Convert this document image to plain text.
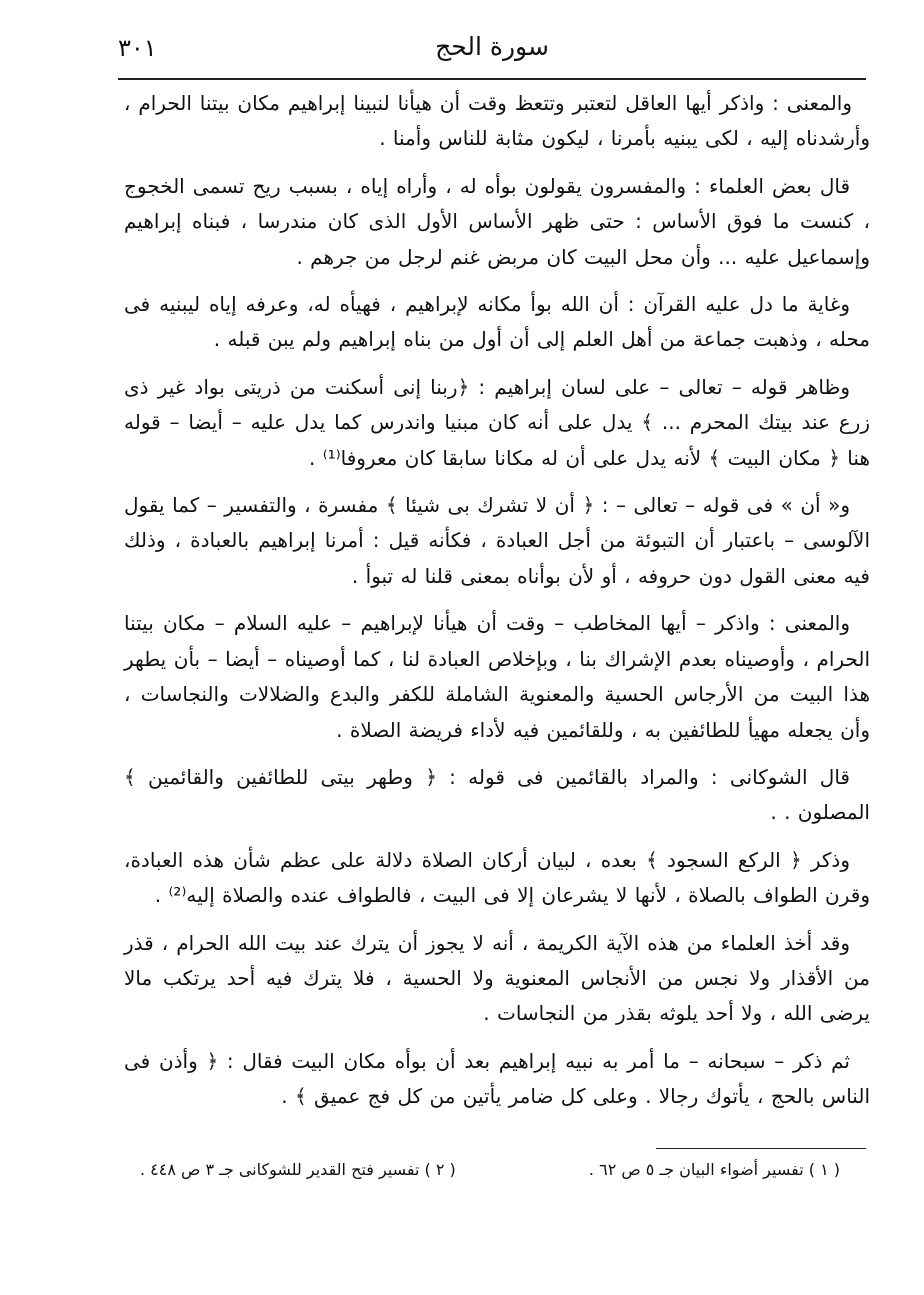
٣٠١	سورة الحج

والمعنى : واذكر أيها العاقل لتعتبر وتتعظ وقت أن هيأنا لنبينا إبراهيم مكان بيتنا الحرام ، وأرشدناه إليه ، لكى يبنيه بأمرنا ، ليكون مثابة للناس وأمنا .

قال بعض العلماء : والمفسرون يقولون بوأه له ، وأراه إياه ، بسبب ريح تسمى الخجوج ، كنست ما فوق الأساس : حتى ظهر الأساس الأول الذى كان مندرسا ، فبناه إبراهيم وإسماعيل عليه ... وأن محل البيت كان مربض غنم لرجل من جرهم .

وغاية ما دل عليه القرآن : أن الله بوأ مكانه لإبراهيم ، فهيأه له، وعرفه إياه ليبنيه فى محله ، وذهبت جماعة من أهل العلم إلى أن أول من بناه إبراهيم ولم يبن قبله .

وظاهر قوله – تعالى – على لسان إبراهيم : ﴿ربنا إنى أسكنت من ذريتى بواد غير ذى زرع عند بيتك المحرم ... ﴾ يدل على أنه كان مبنيا واندرس كما يدل عليه – أيضا – قوله هنا ﴿ مكان البيت ﴾ لأنه يدل على أن له مكانا سابقا كان معروفا⁽¹⁾ .

و« أن » فى قوله – تعالى – : ﴿ أن لا تشرك بى شيئا ﴾ مفسرة ، والتفسير – كما يقول الآلوسى – باعتبار أن التبوئة من أجل العبادة ، فكأنه قيل : أمرنا إبراهيم بالعبادة ، وذلك فيه معنى القول دون حروفه ، أو لأن بوأناه بمعنى قلنا له تبوأ .

والمعنى : واذكر – أيها المخاطب – وقت أن هيأنا لإبراهيم – عليه السلام – مكان بيتنا الحرام ، وأوصيناه بعدم الإشراك بنا ، وبإخلاص العبادة لنا ، كما أوصيناه – أيضا – بأن يطهر هذا البيت من الأرجاس الحسية والمعنوية الشاملة للكفر والبدع والضلالات والنجاسات ، وأن يجعله مهيأ للطائفين به ، وللقائمين فيه لأداء فريضة الصلاة .

قال الشوكانى : والمراد بالقائمين فى قوله : ﴿ وطهر بيتى للطائفين والقائمين ﴾ المصلون . .

وذكر ﴿ الركع السجود ﴾ بعده ، لبيان أركان الصلاة دلالة على عظم شأن هذه العبادة، وقرن الطواف بالصلاة ، لأنها لا يشرعان إلا فى البيت ، فالطواف عنده والصلاة إليه⁽²⁾ .

وقد أخذ العلماء من هذه الآية الكريمة ، أنه لا يجوز أن يترك عند بيت الله الحرام ، قذر من الأقذار ولا نجس من الأنجاس المعنوية ولا الحسية ، فلا يترك فيه أحد يرتكب مالا يرضى الله ، ولا أحد يلوثه بقذر من النجاسات .

ثم ذكر – سبحانه – ما أمر به نبيه إبراهيم بعد أن بوأه مكان البيت فقال : ﴿ وأذن فى الناس بالحج ، يأتوك رجالا . وعلى كل ضامر يأتين من كل فج عميق ﴾ .

( ١ ) تفسير أضواء البيان جـ ٥ ص ٦٢ .
( ٢ ) تفسير فتح القدير للشوكانى جـ ٣ ص ٤٤٨ .
